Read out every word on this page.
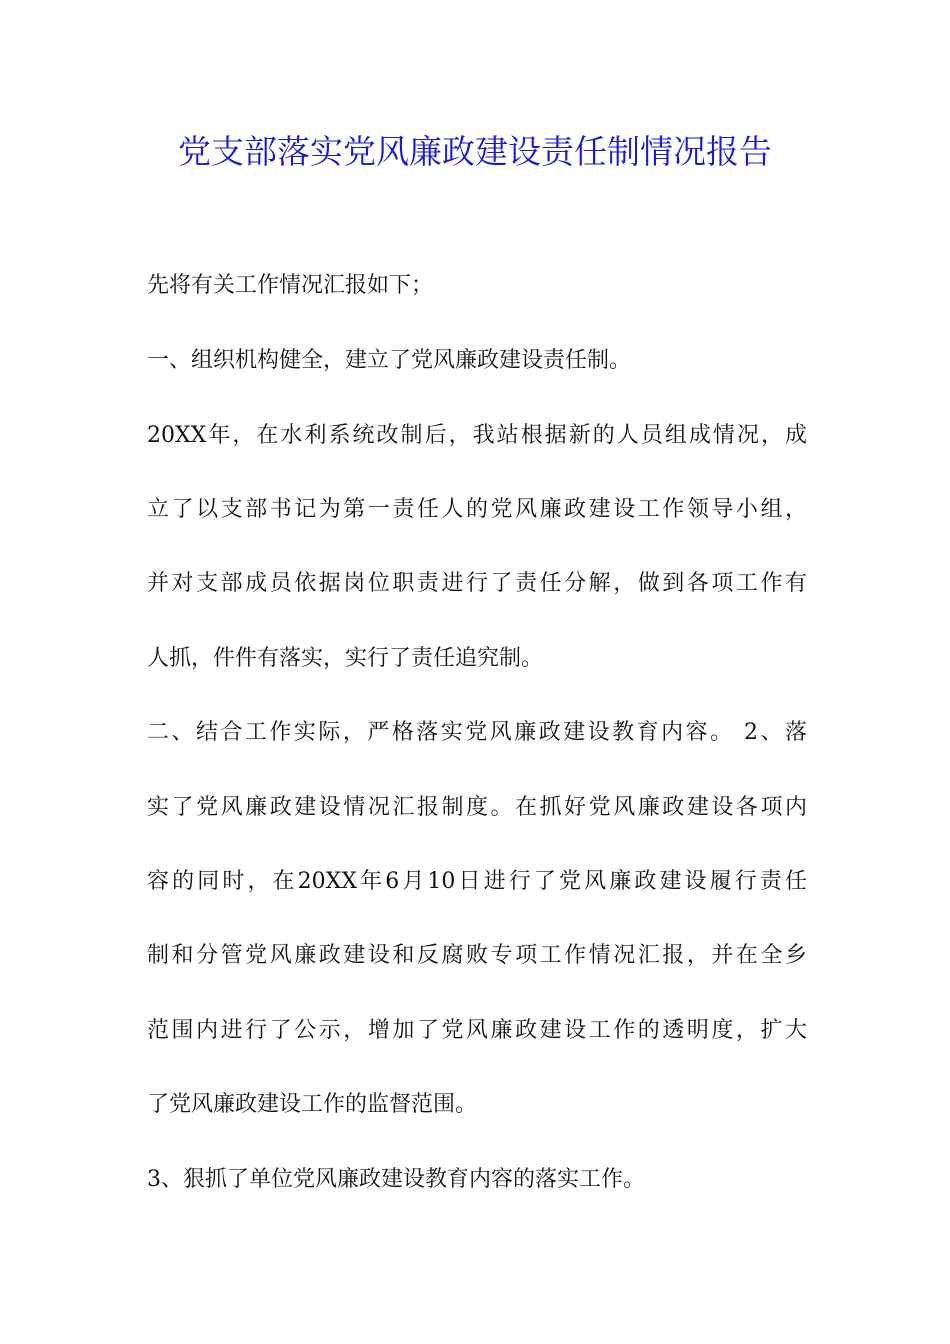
党支部落实党风廉政建设责任制情况报告
先将有关工作情况汇报如下；
一、组织机构健全，建立了党风廉政建设责任制。
20XX年，在水利系统改制后，我站根据新的人员组成情况，成
立了以支部书记为第一责任人的党风廉政建设工作领导小组，
并对支部成员依据岗位职责进行了责任分解，做到各项工作有
人抓，件件有落实，实行了责任追究制。
二、结合工作实际，严格落实党风廉政建设教育内容。 2、落
实了党风廉政建设情况汇报制度。在抓好党风廉政建设各项内
容的同时，在20XX年6月10日进行了党风廉政建设履行责任
制和分管党风廉政建设和反腐败专项工作情况汇报，并在全乡
范围内进行了公示，增加了党风廉政建设工作的透明度，扩大
了党风廉政建设工作的监督范围。
3、狠抓了单位党风廉政建设教育内容的落实工作。
